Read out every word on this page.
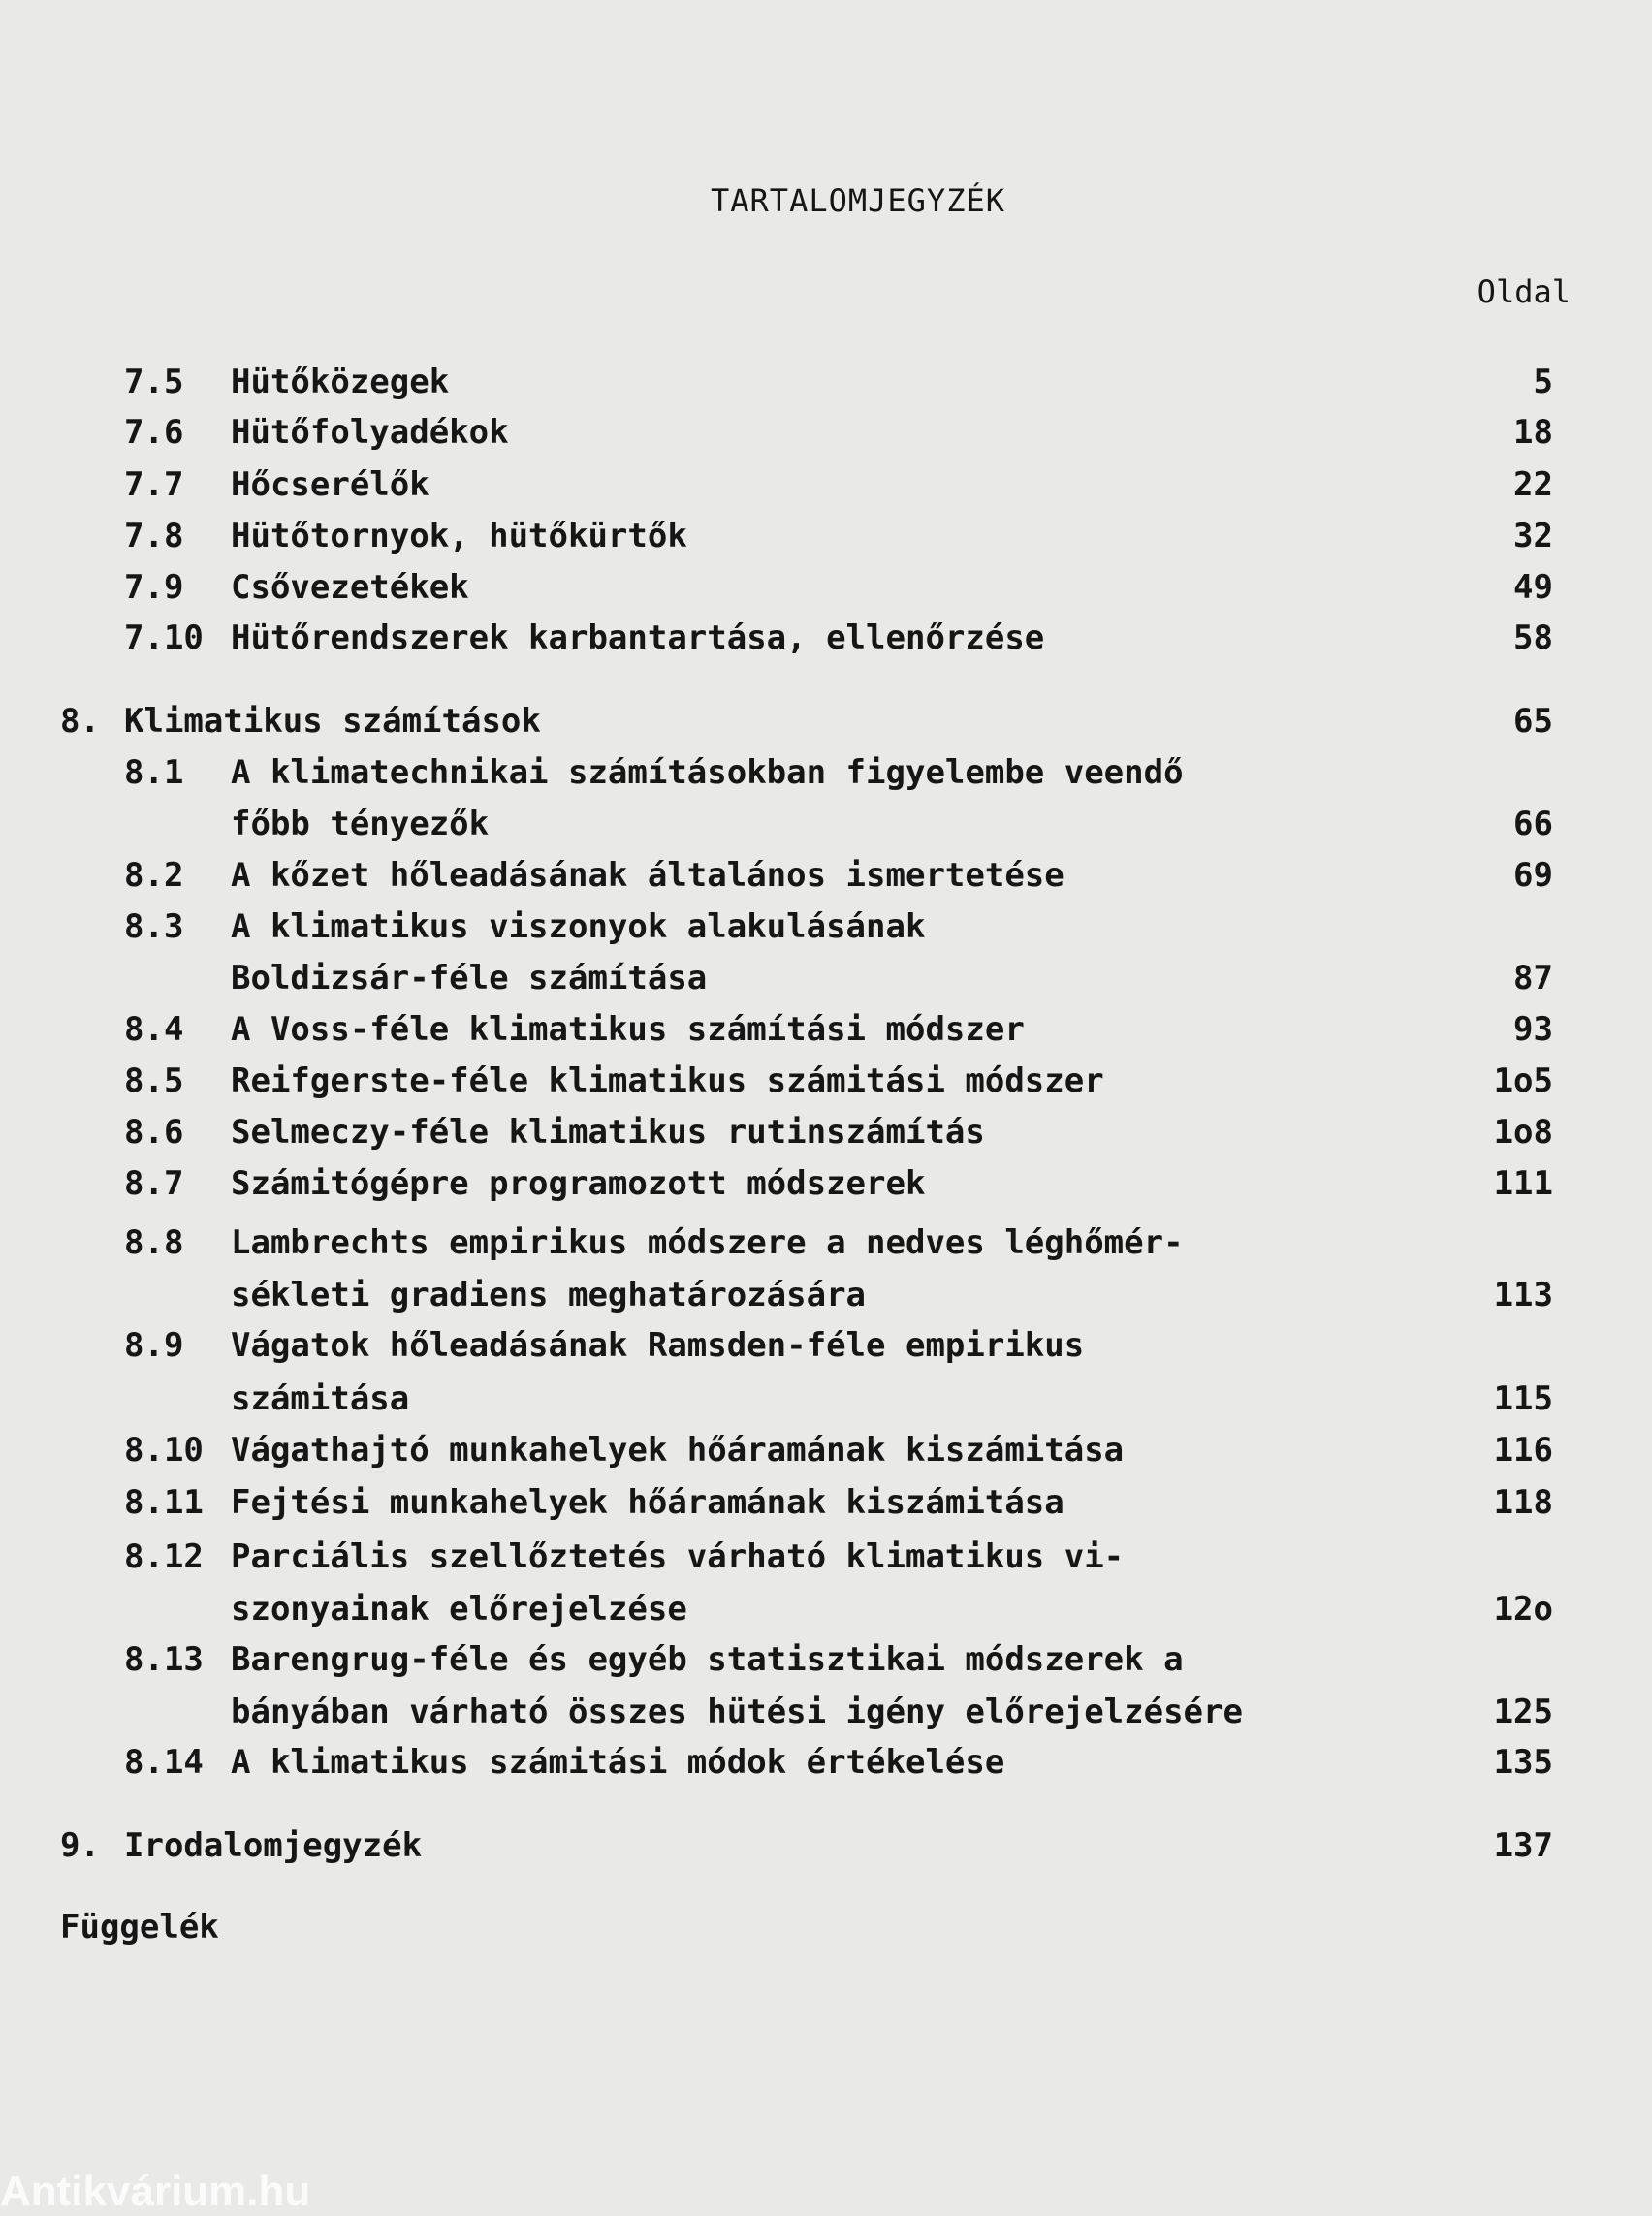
TARTALOMJEGYZÉK
Oldal
7.5 Hütőközegek	5
7.6 Hütőfolyadékok	18
7.7 Hőcserélők	22
7.8 Hütőtornyok, hütőkürtők	32
7.9 Csővezetékek	49
7.10 Hütőrendszerek karbantartása, ellenőrzése	58
8. Klimatikus számítások	65
8.1 A klimatechnikai számításokban figyelembe veendő
főbb tényezők	66
8.2 A kőzet hőleadásának általános ismertetése	69
8.3 A klimatikus viszonyok alakulásának
Boldizsár-féle számítása	87
8.4 A Voss-féle klimatikus számítási módszer	93
8.5 Reifgerste-féle klimatikus számitási módszer	1o5
8.6 Selmeczy-féle klimatikus rutinszámítás	1o8
8.7 Számitógépre programozott módszerek	111
8.8 Lambrechts empirikus módszere a nedves léghőmér-
sékleti gradiens meghatározására	113
8.9 Vágatok hőleadásának Ramsden-féle empirikus
számitása	115
8.10 Vágathajtó munkahelyek hőáramának kiszámitása	116
8.11 Fejtési munkahelyek hőáramának kiszámitása	118
8.12 Parciális szellőztetés várható klimatikus vi-
szonyainak előrejelzése	12o
8.13 Barengrug-féle és egyéb statisztikai módszerek a
bányában várható összes hütési igény előrejelzésére	125
8.14 A klimatikus számitási módok értékelése	135
9. Irodalomjegyzék	137
Függelék
Antikvárium.hu
